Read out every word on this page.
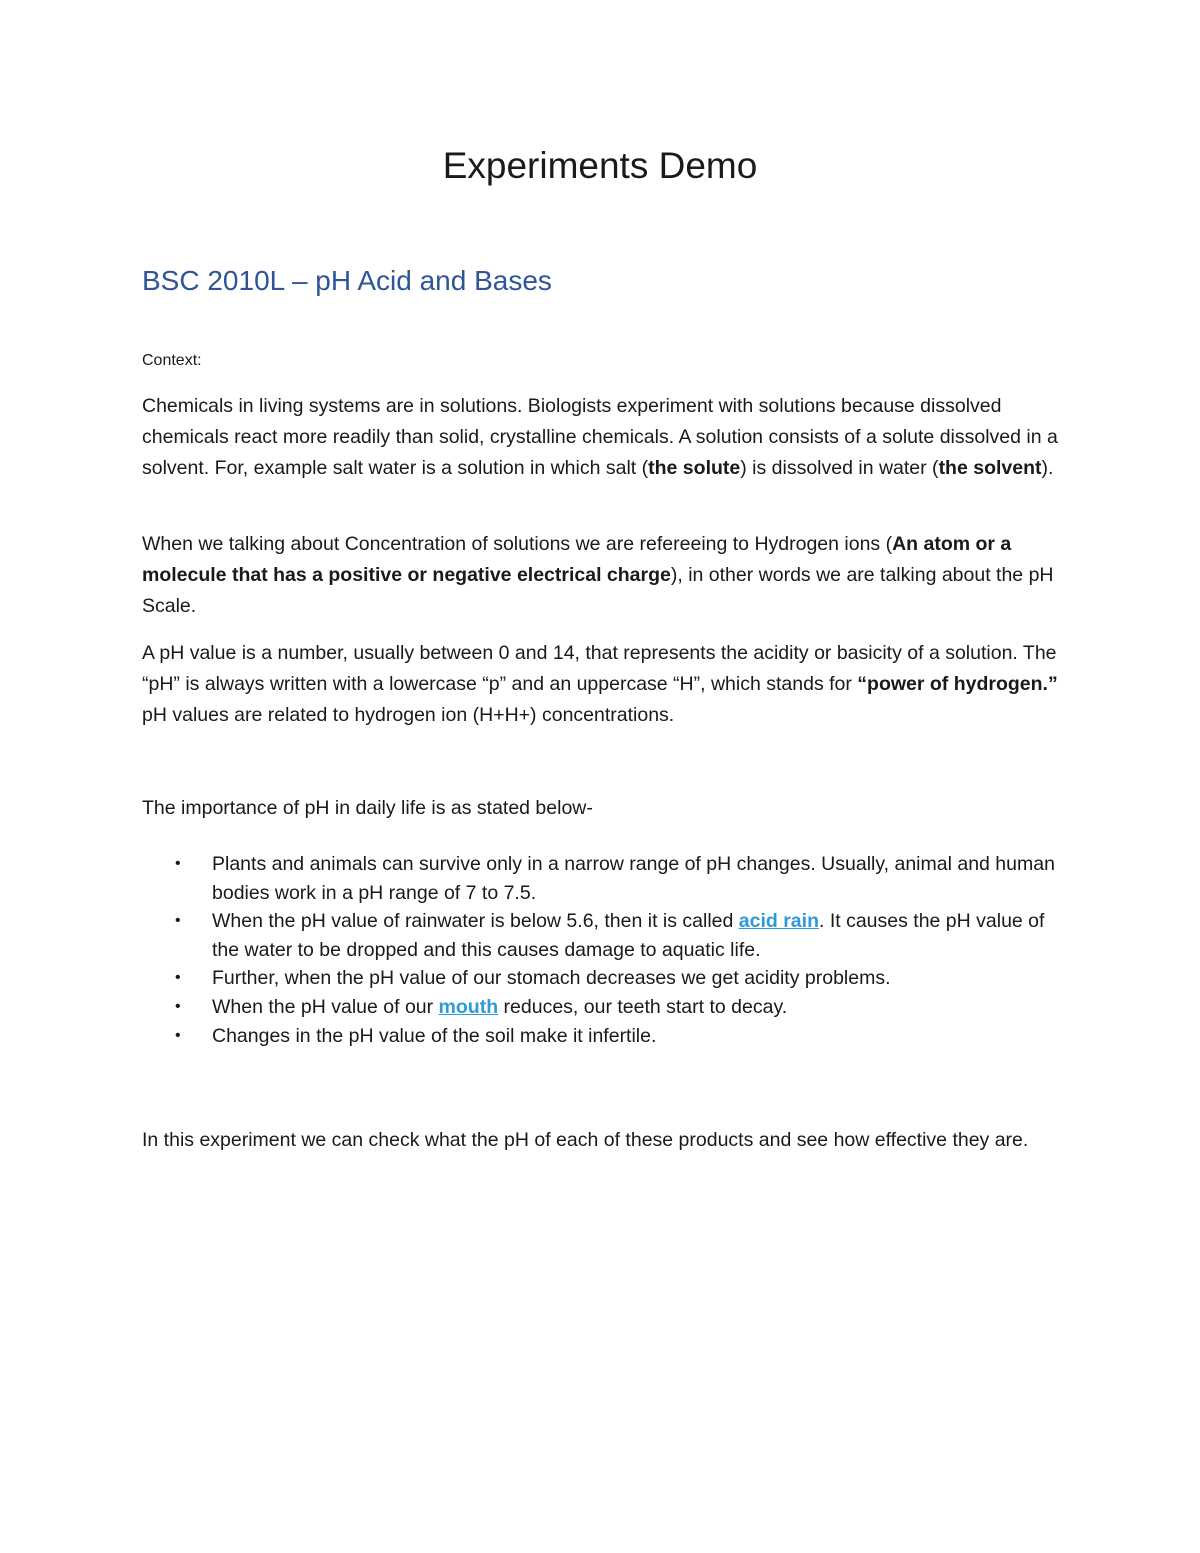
Experiments Demo
BSC 2010L – pH Acid and Bases

Context:

Chemicals in living systems are in solutions. Biologists experiment with solutions because dissolved chemicals react more readily than solid, crystalline chemicals. A solution consists of a solute dissolved in a solvent. For, example salt water is a solution in which salt (the solute) is dissolved in water (the solvent).

When we talking about Concentration of solutions we are refereeing to Hydrogen ions (An atom or a molecule that has a positive or negative electrical charge), in other words we are talking about the pH Scale.

A pH value is a number, usually between 0 and 14, that represents the acidity or basicity of a solution. The “pH” is always written with a lowercase “p” and an uppercase “H”, which stands for “power of hydrogen.” pH values are related to hydrogen ion (H+H+) concentrations.

The importance of pH in daily life is as stated below-

• Plants and animals can survive only in a narrow range of pH changes. Usually, animal and human bodies work in a pH range of 7 to 7.5.
• When the pH value of rainwater is below 5.6, then it is called acid rain. It causes the pH value of the water to be dropped and this causes damage to aquatic life.
• Further, when the pH value of our stomach decreases we get acidity problems.
• When the pH value of our mouth reduces, our teeth start to decay.
• Changes in the pH value of the soil make it infertile.

In this experiment we can check what the pH of each of these products and see how effective they are.
